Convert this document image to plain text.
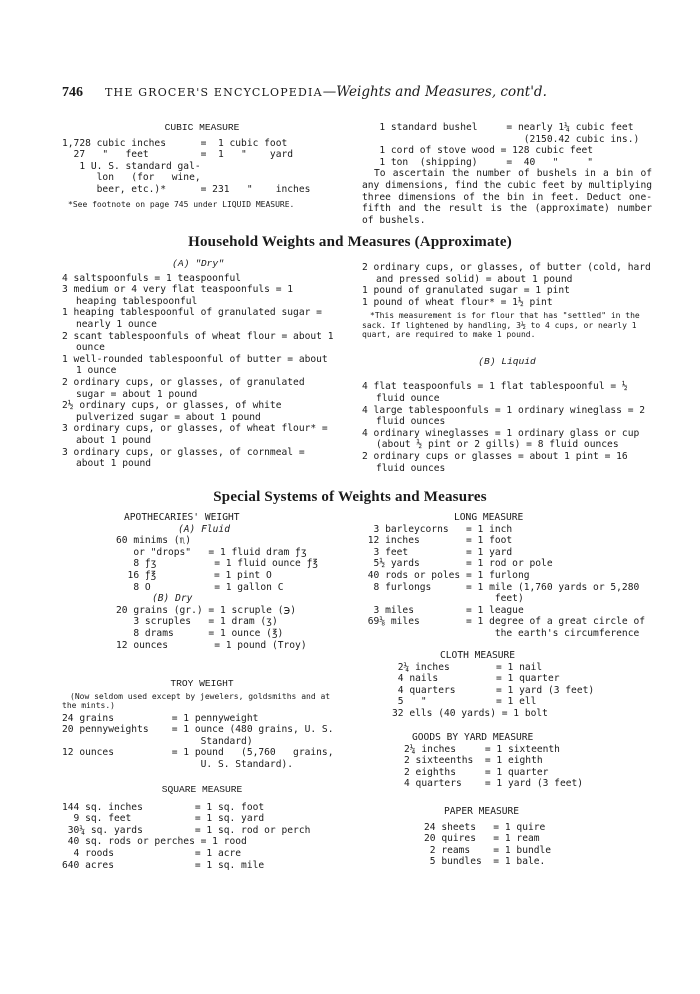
746 THE GROCER'S ENCYCLOPEDIA—Weights and Measures, cont'd.
CUBIC MEASURE
1,728 cubic inches      =  1 cubic foot
27   "   feet         =  1   "    yard
1 U. S. standard gal-
lon   (for   wine,
beer, etc.)*      = 231   "    inches
*See footnote on page 745 under LIQUID MEASURE.
1 standard bushel     = nearly 1¼ cubic feet
(2150.42 cubic ins.)
1 cord of stove wood = 128 cubic feet
1 ton  (shipping)     =  40   "     "
To ascertain the number of bushels in a bin of any dimensions, find the cubic feet by multiplying three dimensions of the bin in feet. Deduct one-fifth and the result is the (approximate) number of bushels.
Household Weights and Measures (Approximate)
(A) "Dry"
4 saltspoonfuls = 1 teaspoonful
3 medium or 4 very flat teaspoonfuls = 1 heaping tablespoonful
1 heaping tablespoonful of granulated sugar = nearly 1 ounce
2 scant tablespoonfuls of wheat flour = about 1 ounce
1 well-rounded tablespoonful of butter = about 1 ounce
2 ordinary cups, or glasses, of granulated sugar = about 1 pound
2½ ordinary cups, or glasses, of white pulverized sugar = about 1 pound
3 ordinary cups, or glasses, of wheat flour* = about 1 pound
3 ordinary cups, or glasses, of cornmeal = about 1 pound
2 ordinary cups, or glasses, of butter (cold, hard and pressed solid) = about 1 pound
1 pound of granulated sugar = 1 pint
1 pound of wheat flour* = 1½ pint
*This measurement is for flour that has "settled" in the sack. If lightened by handling, 3½ to 4 cups, or nearly 1 quart, are required to make 1 pound.
(B) Liquid
4 flat teaspoonfuls = 1 flat tablespoonful = ½ fluid ounce
4 large tablespoonfuls = 1 ordinary wineglass = 2 fluid ounces
4 ordinary wineglasses = 1 ordinary glass or cup (about ½ pint or 2 gills) = 8 fluid ounces
2 ordinary cups or glasses = about 1 pint = 16 fluid ounces
Special Systems of Weights and Measures
APOTHECARIES' WEIGHT
(A) Fluid
60 minims (♏)
or "drops"   = 1 fluid dram ƒʒ
8 ƒʒ          = 1 fluid ounce ƒ℥
16 ƒ℥          = 1 pint O
8 O           = 1 gallon C
(B) Dry
20 grains (gr.) = 1 scruple (℈)
3 scruples   = 1 dram (ʒ)
8 drams      = 1 ounce (℥)
12 ounces        = 1 pound (Troy)
TROY WEIGHT
(Now seldom used except by jewelers, goldsmiths and at the mints.)
24 grains          = 1 pennyweight
20 pennyweights    = 1 ounce (480 grains, U. S.
Standard)
12 ounces          = 1 pound   (5,760   grains,
U. S. Standard).
SQUARE MEASURE
144 sq. inches         = 1 sq. foot
9 sq. feet           = 1 sq. yard
30¼ sq. yards         = 1 sq. rod or perch
40 sq. rods or perches = 1 rood
4 roods              = 1 acre
640 acres              = 1 sq. mile
LONG MEASURE
3 barleycorns   = 1 inch
12 inches        = 1 foot
3 feet          = 1 yard
5½ yards        = 1 rod or pole
40 rods or poles = 1 furlong
8 furlongs      = 1 mile (1,760 yards or 5,280
feet)
3 miles         = 1 league
69⅛ miles        = 1 degree of a great circle of
the earth's circumference
CLOTH MEASURE
2¼ inches        = 1 nail
4 nails          = 1 quarter
4 quarters       = 1 yard (3 feet)
5   "            = 1 ell
32 ells (40 yards) = 1 bolt
GOODS BY YARD MEASURE
2¼ inches     = 1 sixteenth
2 sixteenths  = 1 eighth
2 eighths     = 1 quarter
4 quarters    = 1 yard (3 feet)
PAPER MEASURE
24 sheets   = 1 quire
20 quires   = 1 ream
2 reams    = 1 bundle
5 bundles  = 1 bale.
